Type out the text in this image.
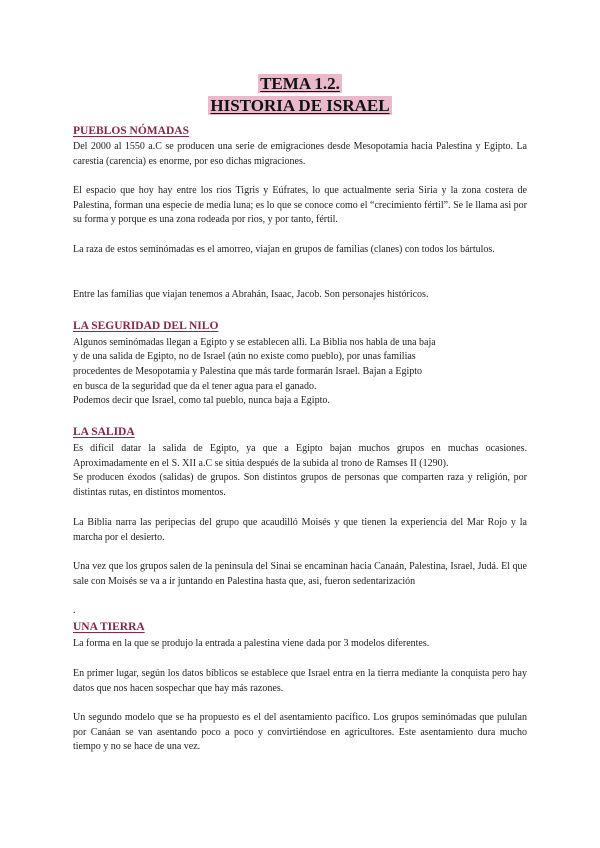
TEMA 1.2.
HISTORIA DE ISRAEL
PUEBLOS NÓMADAS

Del 2000 al 1550 a.C se producen una serie de emigraciones desde Mesopotamia hacia Palestina y Egipto. La carestia (carencia) es enorme, por eso dichas migraciones.

El espacio que hoy hay entre los rios Tigris y Eúfrates, lo que actualmente seria Siria y la zona costera de Palestina, forman una especie de media luna; es lo que se conoce como el “crecimiento fértil”. Se le llama asi por su forma y porque es una zona rodeada por rios, y por tanto, fértil.

La raza de estos seminómadas es el amorreo, viajan en grupos de familias (clanes) con todos los bártulos.

Entre las familias que viajan tenemos a Abrahán, Isaac, Jacob. Son personajes históricos.

LA SEGURIDAD DEL NILO
Algunos seminómadas llegan a Egipto y se establecen alli. La Biblia nos habla de una baja
y de una salida de Egipto, no de Israel (aún no existe como pueblo), por unas familias
procedentes de Mesopotamia y Palestina que más tarde formarán Israel. Bajan a Egipto
en busca de la seguridad que da el tener agua para el ganado.
Podemos decir que Israel, como tal pueblo, nunca baja a Egipto.
LA SALIDA

Es difícil datar la salida de Egipto, ya que a Egipto bajan muchos grupos en muchas ocasiones. Aproximadamente en el S. XII a.C se sitúa después de la subida al trono de Ramses II (1290).

Se producen éxodos (salidas) de grupos. Son distintos grupos de personas que comparten raza y religión, por distintas rutas, en distintos momentos.

La Biblia narra las peripecias del grupo que acaudilló Moisés y que tienen la experiencia del Mar Rojo y la marcha por el desierto.

Una vez que los grupos salen de la peninsula del Sinai se encaminan hacia Canaán, Palestina, Israel, Judá. El que sale con Moisés se va a ir juntando en Palestina hasta que, asi, fueron sedentarización

.
UNA TIERRA

La forma en la que se produjo la entrada a palestina viene dada por 3 modelos diferentes.

En primer lugar, según los datos bíblicos se establece que Israel entra en la tierra mediante la conquista pero hay datos que nos hacen sospechar que hay más razones.

Un segundo modelo que se ha propuesto es el del asentamiento pacífico. Los grupos seminómadas que pululan por Canáan se van asentando poco a poco y convirtiéndose en agricultores. Este asentamiento dura mucho tiempo y no se hace de una vez.
